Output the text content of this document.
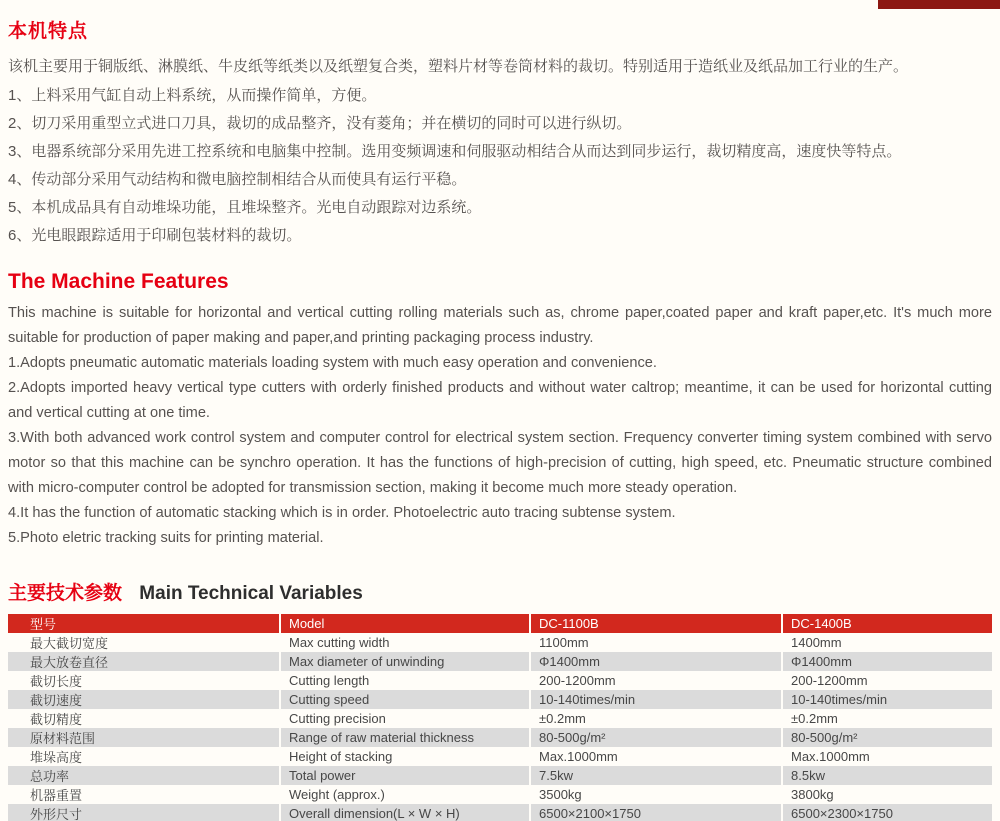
本机特点

该机主要用于铜版纸、淋膜纸、牛皮纸等纸类以及纸塑复合类，塑料片材等卷筒材料的裁切。特别适用于造纸业及纸品加工行业的生产。

1、上料采用气缸自动上料系统，从而操作简单，方便。

2、切刀采用重型立式进口刀具，裁切的成品整齐，没有菱角；并在横切的同时可以进行纵切。

3、电器系统部分采用先进工控系统和电脑集中控制。选用变频调速和伺服驱动相结合从而达到同步运行，裁切精度高，速度快等特点。

4、传动部分采用气动结构和微电脑控制相结合从而使具有运行平稳。

5、本机成品具有自动堆垛功能，且堆垛整齐。光电自动跟踪对边系统。

6、光电眼跟踪适用于印刷包装材料的裁切。

The Machine Features

This machine is suitable for horizontal and vertical cutting rolling materials such as, chrome paper,coated paper and kraft paper,etc. It's much more suitable for production of paper making and paper,and printing packaging process industry.

1.Adopts pneumatic automatic materials loading system with much easy operation and convenience.

2.Adopts imported heavy vertical type cutters with orderly finished products and without water caltrop; meantime, it can be used for horizontal cutting and vertical cutting at one time.

3.With both advanced work control system and computer control for electrical system section. Frequency converter timing system combined with servo motor so that this machine can be synchro operation. It has the functions of high-precision of cutting, high speed, etc. Pneumatic structure combined with micro-computer control be adopted for transmission section, making it become much more steady operation.

4.It has the function of automatic stacking which is in order. Photoelectric auto tracing subtense system.

5.Photo eletric tracking suits for printing material.

主要技术参数 Main Technical Variables
型号	Model	DC-1100B	DC-1400B
最大截切宽度	Max cutting width	1100mm	1400mm
最大放卷直径	Max diameter of unwinding	Φ1400mm	Φ1400mm
截切长度	Cutting length	200-1200mm	200-1200mm
截切速度	Cutting speed	10-140times/min	10-140times/min
截切精度	Cutting precision	±0.2mm	±0.2mm
原材料范围	Range of raw material thickness	80-500g/m²	80-500g/m²
堆垛高度	Height of stacking	Max.1000mm	Max.1000mm
总功率	Total power	7.5kw	8.5kw
机器重置	Weight (approx.)	3500kg	3800kg
外形尺寸	Overall dimension(L × W × H)	6500×2100×1750	6500×2300×1750
